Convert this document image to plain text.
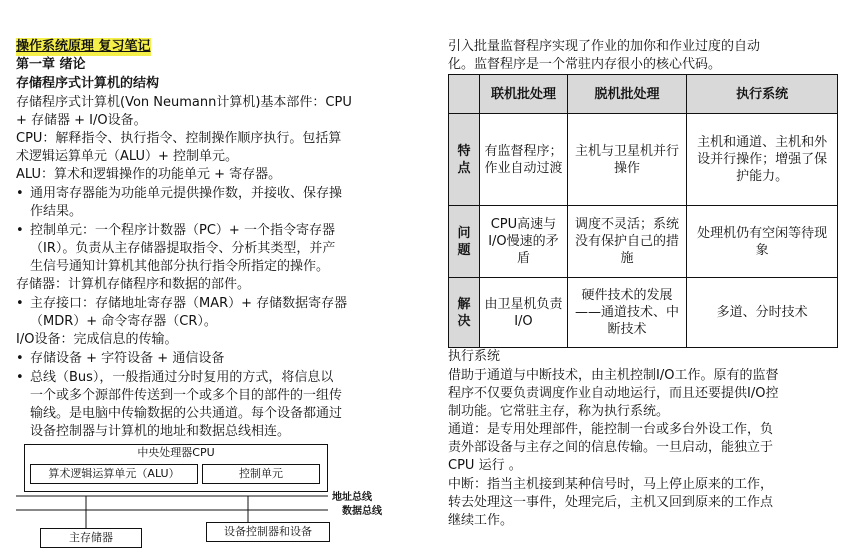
操作系统原理 复习笔记
第一章 绪论
存储程序式计算机的结构
存储程序式计算机(Von Neumann计算机)基本部件：CPU
+ 存储器 + I/O设备。
CPU：解释指令、执行指令、控制操作顺序执行。包括算
术逻辑运算单元（ALU）+ 控制单元。
ALU：算术和逻辑操作的功能单元 + 寄存器。
• 通用寄存器能为功能单元提供操作数，并接收、保存操
作结果。
• 控制单元：一个程序计数器（PC）+ 一个指令寄存器
（IR）。负责从主存储器提取指令、分析其类型，并产
生信号通知计算机其他部分执行指令所指定的操作。
存储器：计算机存储程序和数据的部件。
• 主存接口：存储地址寄存器（MAR）+ 存储数据寄存器
（MDR）+ 命令寄存器（CR）。
I/O设备：完成信息的传输。
• 存储设备 + 字符设备 + 通信设备
• 总线（Bus），一般指通过分时复用的方式，将信息以
一个或多个源部件传送到一个或多个目的部件的一组传
输线。是电脑中传输数据的公共通道。每个设备都通过
设备控制器与计算机的地址和数据总线相连。
中央处理器CPU
算术逻辑运算单元（ALU）	控制单元
地址总线
数据总线
主存储器	设备控制器和设备
引入批量监督程序实现了作业的加你和作业过度的自动
化。监督程序是一个常驻内存很小的核心代码。
	联机批处理	脱机批处理	执行系统
特点	有监督程序；作业自动过渡	主机与卫星机并行操作	主机和通道、主机和外设并行操作；增强了保护能力。
问题	CPU高速与I/O慢速的矛盾	调度不灵活；系统没有保护自己的措施	处理机仍有空闲等待现象
解决	由卫星机负责I/O	硬件技术的发展——通道技术、中断技术	多道、分时技术
执行系统
借助于通道与中断技术，由主机控制I/O工作。原有的监督
程序不仅要负责调度作业自动地运行，而且还要提供I/O控
制功能。它常驻主存，称为执行系统。
通道：是专用处理部件，能控制一台或多台外设工作，负
责外部设备与主存之间的信息传输。一旦启动，能独立于
CPU 运行 。
中断：指当主机接到某种信号时，马上停止原来的工作，
转去处理这一事件，处理完后，主机又回到原来的工作点
继续工作。
